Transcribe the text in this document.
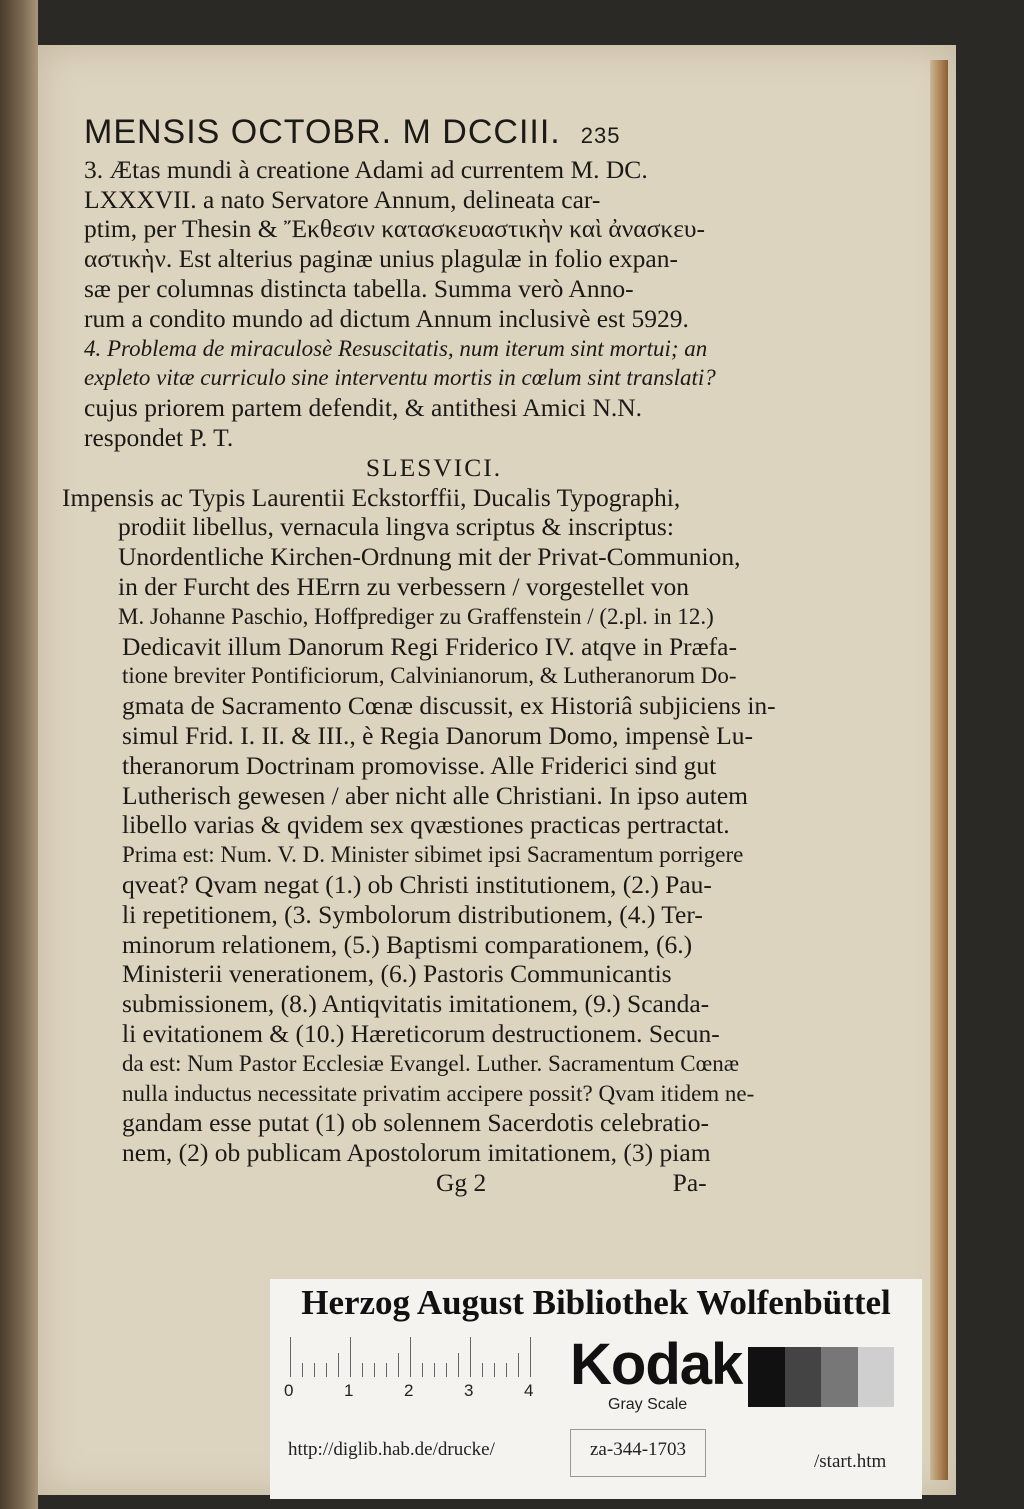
MENSIS OCTOBR. M DCCIII. 235
3. Ætas mundi à creatione Adami ad currentem M. DC.
LXXXVII. a nato Servatore Annum, delineata car-
ptim, per Thesin & Ἔκθεσιν κατασκευαστικὴν καὶ ἀνασκευ-
αστικὴν. Est alterius paginæ unius plagulæ in folio expan-
sæ per columnas distincta tabella. Summa verò Anno-
rum a condito mundo ad dictum Annum inclusivè est 5929.
4. Problema de miraculosè Resuscitatis, num iterum sint mortui; an
expleto vitæ curriculo sine interventu mortis in cœlum sint translati?
cujus priorem partem defendit, & antithesi Amici N.N.
respondet P. T.
SLESVICI.
Impensis ac Typis Laurentii Eckstorffii, Ducalis Typographi,
prodiit libellus, vernacula lingva scriptus & inscriptus:
Unordentliche Kirchen-Ordnung mit der Privat-Communion,
in der Furcht des HErrn zu verbessern / vorgestellet von
M. Johanne Paschio, Hoffprediger zu Graffenstein / (2.pl. in 12.)
Dedicavit illum Danorum Regi Friderico IV. atqve in Præfa-
tione breviter Pontificiorum, Calvinianorum, & Lutheranorum Do-
gmata de Sacramento Cœnæ discussit, ex Historiâ subjiciens in-
simul Frid. I. II. & III., è Regia Danorum Domo, impensè Lu-
theranorum Doctrinam promovisse. Alle Friderici sind gut
Lutherisch gewesen / aber nicht alle Christiani. In ipso autem
libello varias & qvidem sex qvæstiones practicas pertractat.
Prima est: Num. V. D. Minister sibimet ipsi Sacramentum porrigere
qveat? Qvam negat (1.) ob Christi institutionem, (2.) Pau-
li repetitionem, (3. Symbolorum distributionem, (4.) Ter-
minorum relationem, (5.) Baptismi comparationem, (6.)
Ministerii venerationem, (6.) Pastoris Communicantis
submissionem, (8.) Antiqvitatis imitationem, (9.) Scanda-
li evitationem & (10.) Hæreticorum destructionem. Secun-
da est: Num Pastor Ecclesiæ Evangel. Luther. Sacramentum Cœnæ
nulla inductus necessitate privatim accipere possit? Qvam itidem ne-
gandam esse putat (1) ob solennem Sacerdotis celebratio-
nem, (2) ob publicam Apostolorum imitationem, (3) piam
Gg 2	Pa-
Herzog August Bibliothek Wolfenbüttel
0	1	2	3	4 Kodak
Gray Scale
http://diglib.hab.de/drucke/	za-344-1703
/start.htm
